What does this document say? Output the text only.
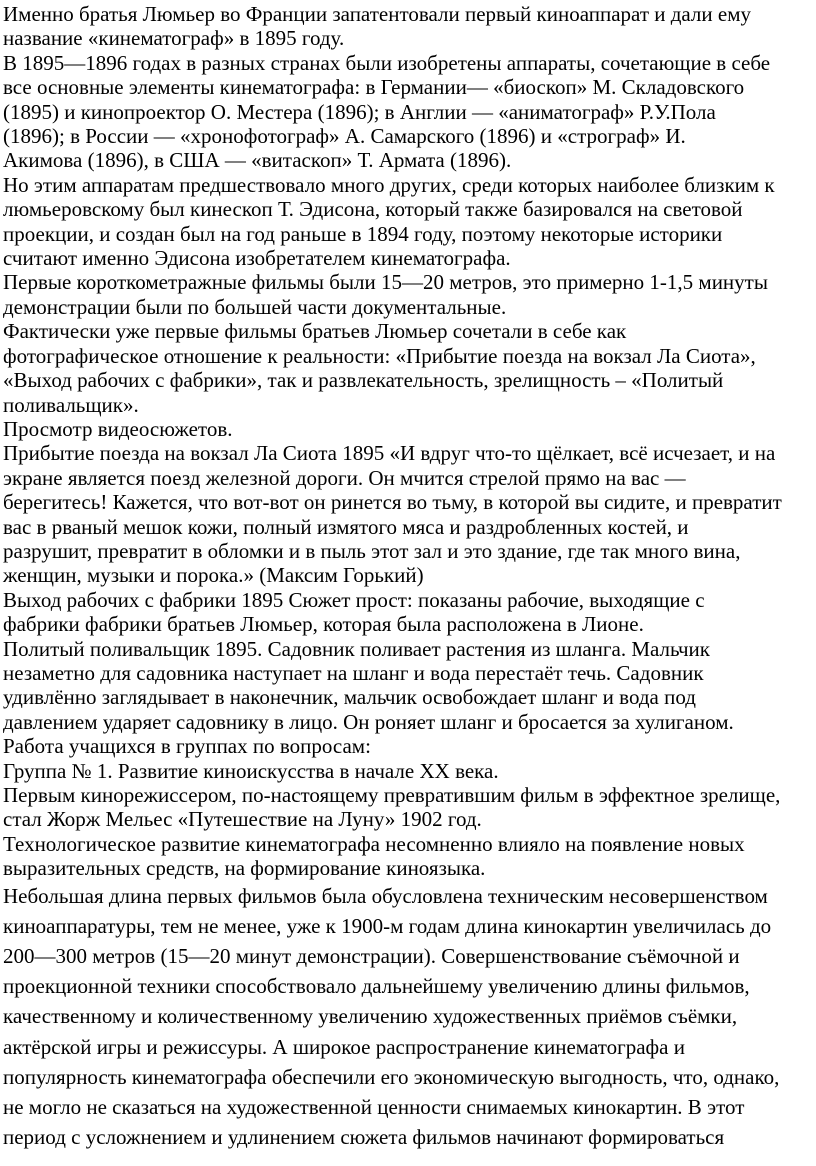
Именно братья Люмьер во Франции запатентовали первый киноаппарат и дали ему
название «кинематограф» в 1895 году.
В 1895—1896 годах в разных странах были изобретены аппараты, сочетающие в себе
все основные элементы кинематографа: в Германии— «биоскоп» М. Складовского
(1895) и кинопроектор О. Местера (1896); в Англии — «аниматограф» Р.У.Пола
(1896); в России — «хронофотограф» А. Самарского (1896) и «строграф» И.
Акимова (1896), в США — «витаскоп» Т. Армата (1896).
Но этим аппаратам предшествовало много других, среди которых наиболее близким к
люмьеровскому был кинескоп Т. Эдисона, который также базировался на световой
проекции, и создан был на год раньше в 1894 году, поэтому некоторые историки
считают именно Эдисона изобретателем кинематографа.
Первые короткометражные фильмы были 15—20 метров, это примерно 1-1,5 минуты
демонстрации были по большей части документальные.
Фактически уже первые фильмы братьев Люмьер сочетали в себе как
фотографическое отношение к реальности: «Прибытие поезда на вокзал Ла Сиота»,
«Выход рабочих с фабрики», так и развлекательность, зрелищность – «Политый
поливальщик».
Просмотр видеосюжетов.
Прибытие поезда на вокзал Ла Сиота 1895 «И вдруг что-то щёлкает, всё исчезает, и на
экране является поезд железной дороги. Он мчится стрелой прямо на вас —
берегитесь! Кажется, что вот-вот он ринется во тьму, в которой вы сидите, и превратит
вас в рваный мешок кожи, полный измятого мяса и раздробленных костей, и
разрушит, превратит в обломки и в пыль этот зал и это здание, где так много вина,
женщин, музыки и порока.» (Максим Горький)
Выход рабочих с фабрики 1895 Сюжет прост: показаны рабочие, выходящие с
фабрики фабрики братьев Люмьер, которая была расположена в Лионе.
Политый поливальщик 1895. Садовник поливает растения из шланга. Мальчик
незаметно для садовника наступает на шланг и вода перестаёт течь. Садовник
удивлённо заглядывает в наконечник, мальчик освобождает шланг и вода под
давлением ударяет садовнику в лицо. Он роняет шланг и бросается за хулиганом.
Работа учащихся в группах по вопросам:
Группа № 1. Развитие киноискусства в начале XX века.
Первым кинорежиссером, по-настоящему превратившим фильм в эффектное зрелище,
стал Жорж Мельес «Путешествие на Луну» 1902 год.
Технологическое развитие кинематографа несомненно влияло на появление новых
выразительных средств, на формирование киноязыка.
Небольшая длина первых фильмов была обусловлена техническим несовершенством
киноаппаратуры, тем не менее, уже к 1900-м годам длина кинокартин увеличилась до
200—300 метров (15—20 минут демонстрации). Совершенствование съёмочной и
проекционной техники способствовало дальнейшему увеличению длины фильмов,
качественному и количественному увеличению художественных приёмов съёмки,
актёрской игры и режиссуры. А широкое распространение кинематографа и
популярность кинематографа обеспечили его экономическую выгодность, что, однако,
не могло не сказаться на художественной ценности снимаемых кинокартин. В этот
период с усложнением и удлинением сюжета фильмов начинают формироваться
